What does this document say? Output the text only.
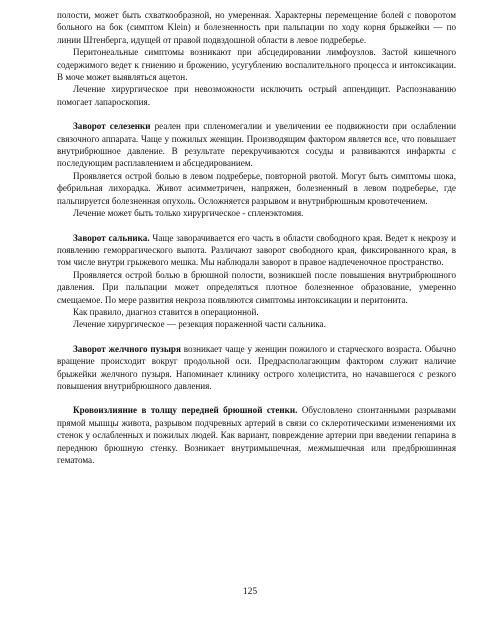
полости, может быть схваткообразной, но умеренная. Характерны перемещение болей с поворотом больного на бок (симптом Klein) и болезненность при пальпации по ходу корня брыжейки — по линии Штенберга, идущей от правой подвздошной области в левое подреберье.

Перитонеальные симптомы возникают при абсцедировании лимфоузлов. Застой кишечного содержимого ведет к гниению и брожению, усугублению воспалительного процесса и интоксикации. В моче может выявляться ацетон.

Лечение хирургическое при невозможности исключить острый аппендицит. Распознаванию помогает лапароскопия.

Заворот селезенки реален при спленомегалии и увеличении ее подвижности при ослаблении связочного аппарата. Чаще у пожилых женщин. Производящим фактором является все, что повышает внутрибрюшное давление. В результате перекручиваются сосуды и развиваются инфаркты с последующим расплавлением и абсцедированием.

Проявляется острой болью в левом подреберье, повторной рвотой. Могут быть симптомы шока, фебрильная лихорадка. Живот асимметричен, напряжен, болезненный в левом подреберье, где пальпируется болезненная опухоль. Осложняется разрывом и внутрибрюшным кровотечением.

Лечение может быть только хирургическое - спленэктомия.

Заворот сальника. Чаще заворачивается его часть в области свободного края. Ведет к некрозу и появлению геморрагического выпота. Различают заворот свободного края, фиксированного края, в том числе внутри грыжевого мешка. Мы наблюдали заворот в правое надпеченочное пространство.

Проявляется острой болью в брюшной полости, возникшей после повышения внутрибрюшного давления. При пальпации может определяться плотное болезненное образование, умеренно смещаемое. По мере развития некроза появляются симптомы интоксикации и перитонита.

Как правило, диагноз ставится в операционной.

Лечение хирургическое — резекция пораженной части сальника.

Заворот желчного пузыря возникает чаще у женщин пожилого и старческого возраста. Обычно вращение происходит вокруг продольной оси. Предрасполагающим фактором служит наличие брыжейки желчного пузыря. Напоминает клинику острого холецистита, но начавшегося с резкого повышения внутрибрюшного давления.

Кровоизлияние в толщу передней брюшной стенки. Обусловлено спонтанными разрывами прямой мышцы живота, разрывом подчревных артерий в связи со склеротическими изменениями их стенок у ослабленных и пожилых людей. Как вариант, повреждение артерии при введении гепарина в переднюю брюшную стенку. Возникает внутримышечная, межмышечная или предбрюшинная гематома.

125
